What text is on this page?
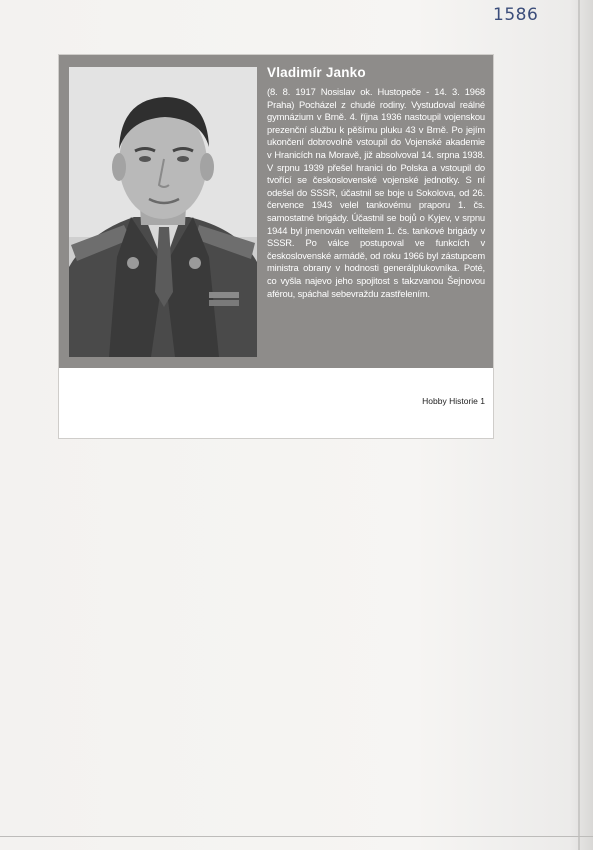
1586
Vladimír Janko

(8. 8. 1917 Nosislav ok. Hustopeče - 14. 3. 1968 Praha) Pocházel z chudé rodiny. Vystudoval reálné gymnázium v Brně. 4. října 1936 nastoupil vojenskou prezenční službu k pěšímu pluku 43 v Brně. Po jejím ukončení dobrovolně vstoupil do Vojenské akademie v Hranicích na Moravě, již absolvoval 14. srpna 1938. V srpnu 1939 přešel hranici do Polska a vstoupil do tvořící se československé vojenské jednotky. S ní odešel do SSSR, účastnil se boje u Sokolova, od 26. července 1943 velel tankovému praporu 1. čs. samostatné brigády. Účastnil se bojů o Kyjev, v srpnu 1944 byl jmenován velitelem 1. čs. tankové brigády v SSSR. Po válce postupoval ve funkcích v československé armádě, od roku 1966 byl zástupcem ministra obrany v hodnosti generálplukovníka. Poté, co vyšla najevo jeho spojitost s takzvanou Šejnovou aférou, spáchal sebevraždu zastřelením.

Hobby Historie 1
